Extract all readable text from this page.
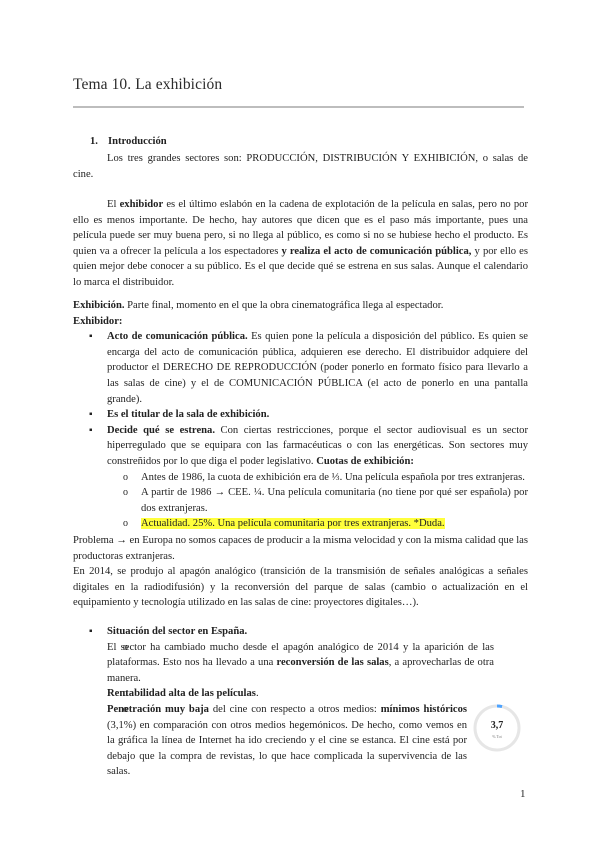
Tema 10. La exhibición
1. Introducción

Los tres grandes sectores son: PRODUCCIÓN, DISTRIBUCIÓN Y EXHIBICIÓN, o salas de cine.

El exhibidor es el último eslabón en la cadena de explotación de la película en salas, pero no por ello es menos importante. De hecho, hay autores que dicen que es el paso más importante, pues una película puede ser muy buena pero, si no llega al público, es como si no se hubiese hecho el producto. Es quien va a ofrecer la película a los espectadores y realiza el acto de comunicación pública, y por ello es quien mejor debe conocer a su público. Es el que decide qué se estrena en sus salas. Aunque el calendario lo marca el distribuidor.

Exhibición. Parte final, momento en el que la obra cinematográfica llega al espectador.

Exhibidor:

▪ Acto de comunicación pública. Es quien pone la película a disposición del público. Es quien se encarga del acto de comunicación pública, adquieren ese derecho. El distribuidor adquiere del productor el DERECHO DE REPRODUCCIÓN (poder ponerlo en formato físico para llevarlo a las salas de cine) y el de COMUNICACIÓN PÚBLICA (el acto de ponerlo en una pantalla grande).
▪ Es el titular de la sala de exhibición.
▪ Decide qué se estrena. Con ciertas restricciones, porque el sector audiovisual es un sector hiperregulado que se equipara con las farmacéuticas o con las energéticas. Son sectores muy constreñidos por lo que diga el poder legislativo. Cuotas de exhibición:
o Antes de 1986, la cuota de exhibición era de ⅓. Una película española por tres extranjeras.
o A partir de 1986 → CEE. ¼. Una película comunitaria (no tiene por qué ser española) por dos extranjeras.
o Actualidad. 25%. Una película comunitaria por tres extranjeras. *Duda.

Problema → en Europa no somos capaces de producir a la misma velocidad y con la misma calidad que las productoras extranjeras.

En 2014, se produjo al apagón analógico (transición de la transmisión de señales analógicas a señales digitales en la radiodifusión) y la reconversión del parque de salas (cambio o actualización en el equipamiento y tecnología utilizado en las salas de cine: proyectores digitales…).

▪ Situación del sector en España.
o El sector ha cambiado mucho desde el apagón analógico de 2014 y la aparición de las plataformas. Esto nos ha llevado a una reconversión de las salas, a aprovecharlas de otra manera.
o Rentabilidad alta de las películas.
o Penetración muy baja del cine con respecto a otros medios: mínimos históricos (3,1%) en comparación con otros medios hegemónicos. De hecho, como vemos en la gráfica la línea de Internet ha ido creciendo y el cine se estanca. El cine está por debajo que la compra de revistas, lo que hace complicada la supervivencia de las salas.
3,7
% Tot
1
